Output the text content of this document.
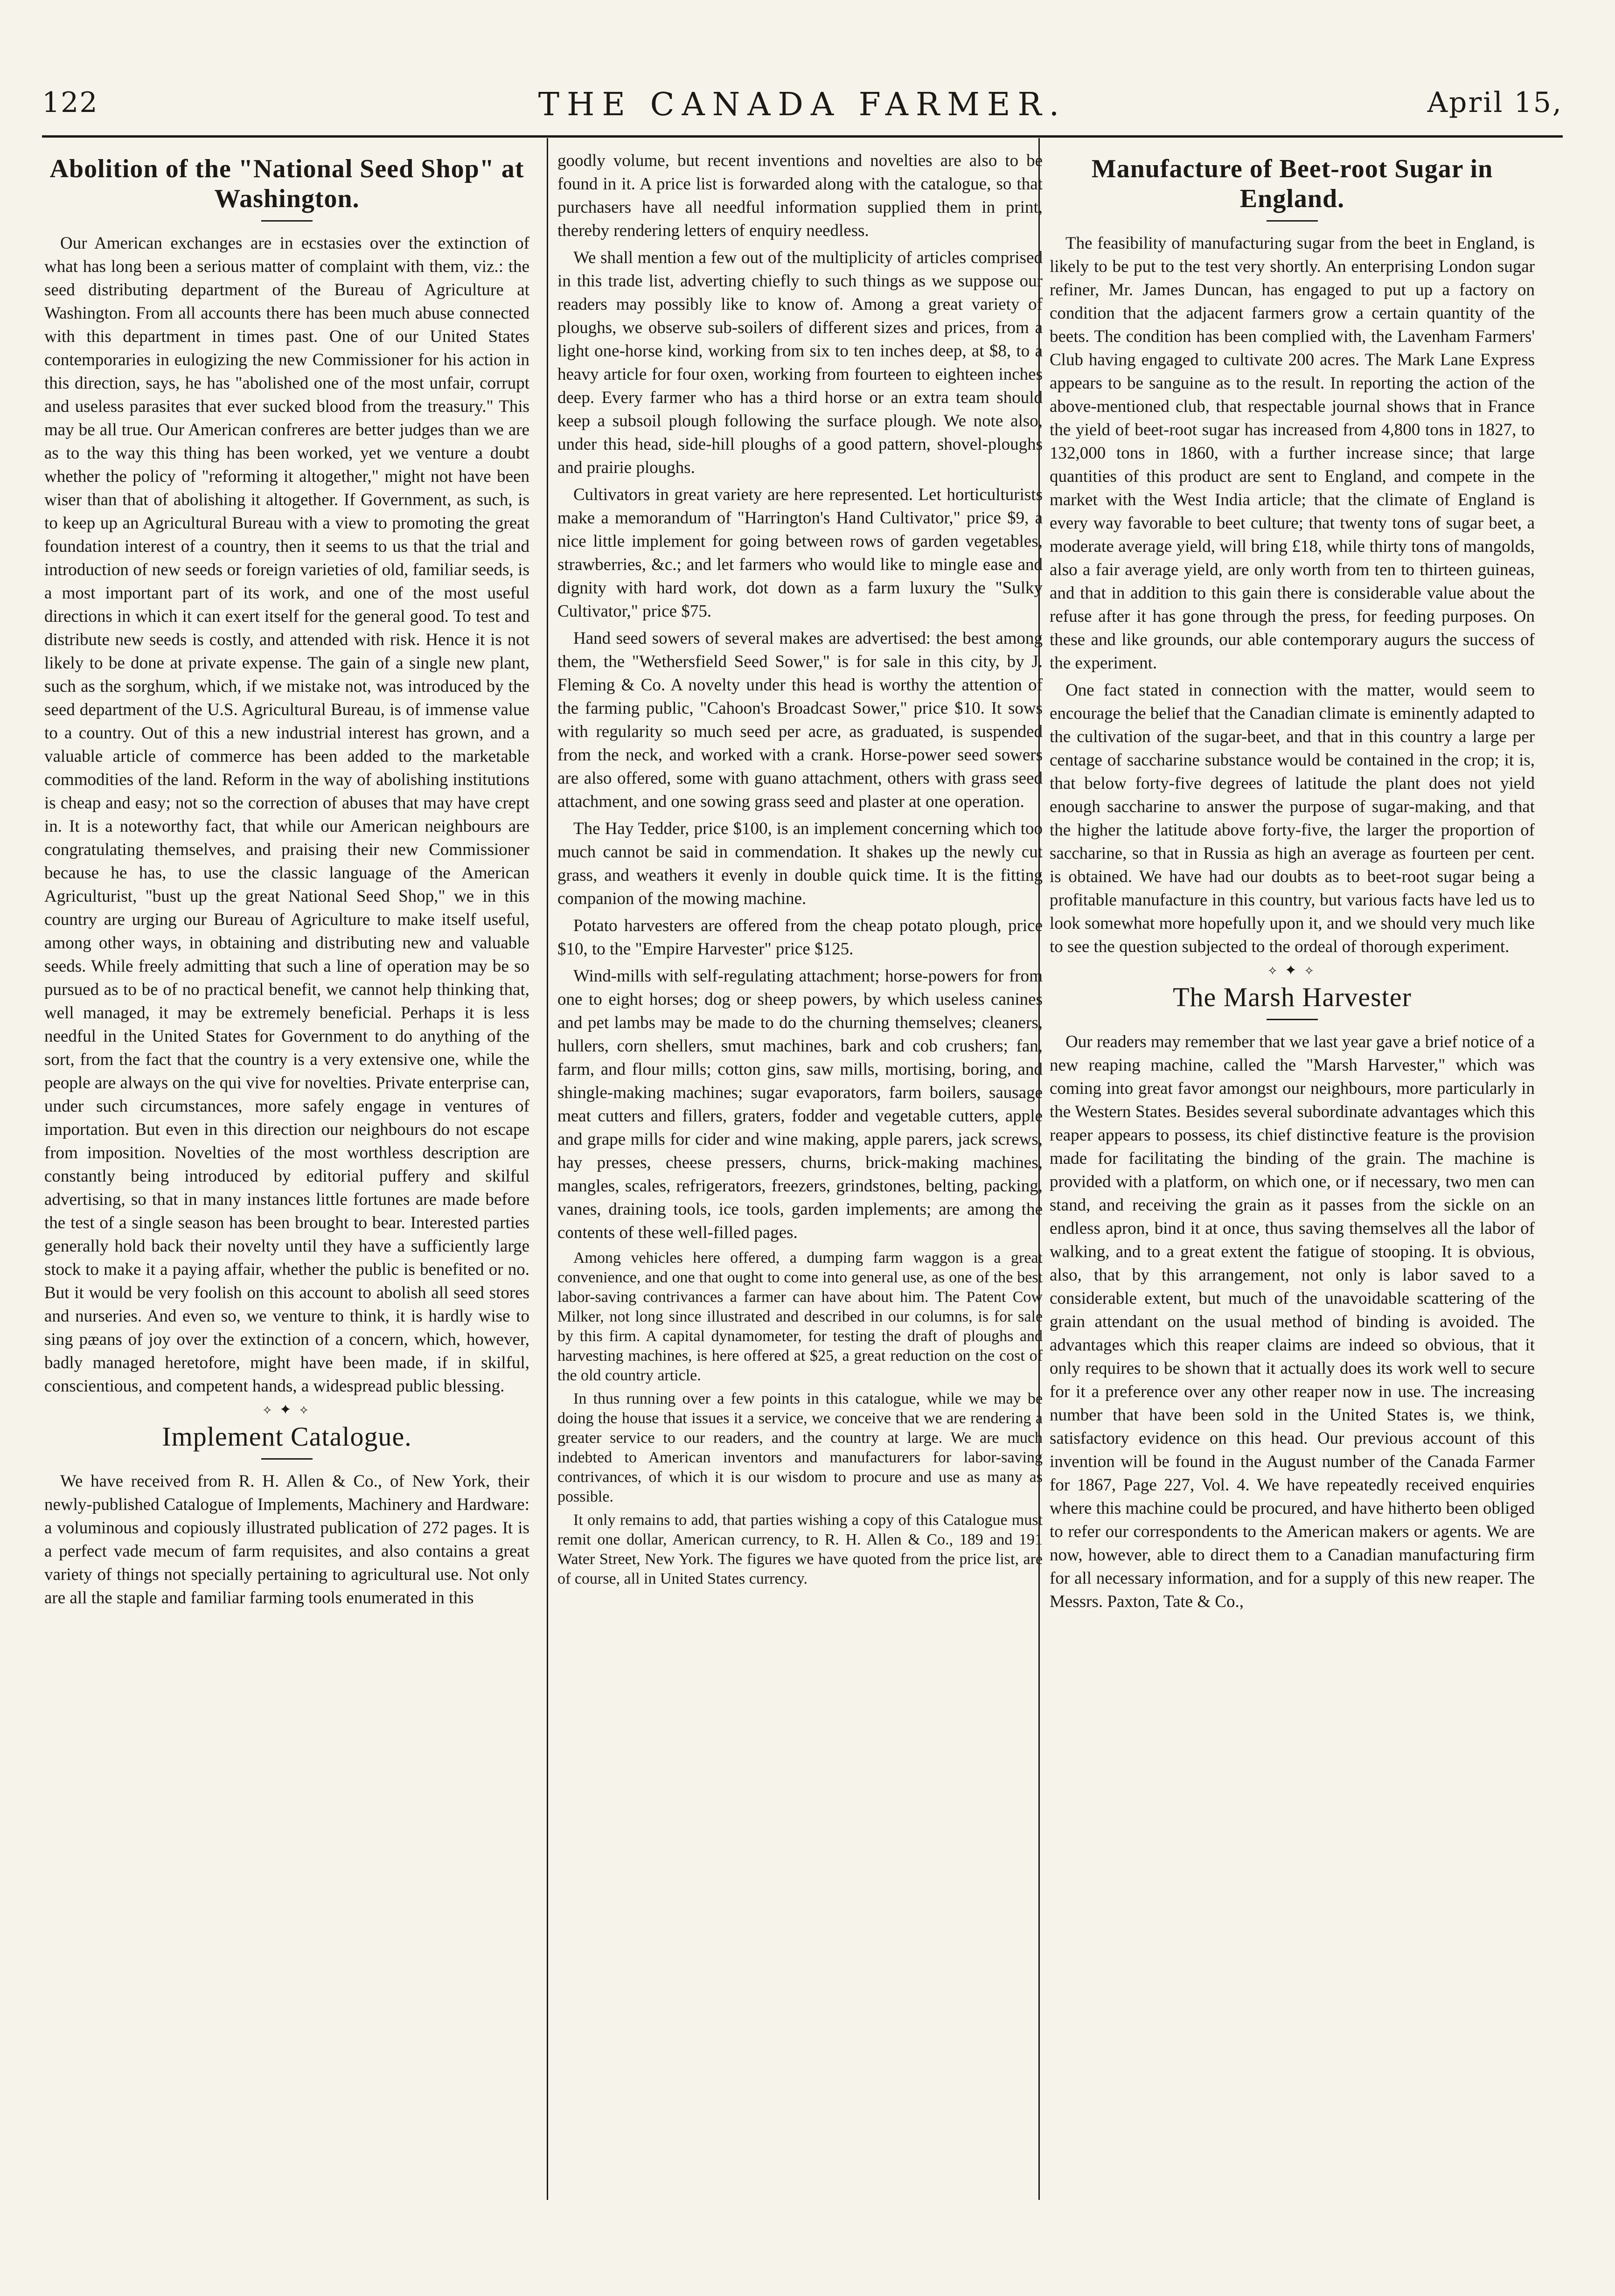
122	THE CANADA FARMER.	April 15,
Abolition of the "National Seed Shop" at Washington.

Our American exchanges are in ecstasies over the extinction of what has long been a serious matter of complaint with them, viz.: the seed distributing department of the Bureau of Agriculture at Washington. From all accounts there has been much abuse connected with this department in times past. One of our United States contemporaries in eulogizing the new Commissioner for his action in this direction, says, he has "abolished one of the most unfair, corrupt and useless parasites that ever sucked blood from the treasury." This may be all true. Our American confreres are better judges than we are as to the way this thing has been worked, yet we venture a doubt whether the policy of "reforming it altogether," might not have been wiser than that of abolishing it altogether. If Government, as such, is to keep up an Agricultural Bureau with a view to promoting the great foundation interest of a country, then it seems to us that the trial and introduction of new seeds or foreign varieties of old, familiar seeds, is a most important part of its work, and one of the most useful directions in which it can exert itself for the general good. To test and distribute new seeds is costly, and attended with risk. Hence it is not likely to be done at private expense. The gain of a single new plant, such as the sorghum, which, if we mistake not, was introduced by the seed department of the U.S. Agricultural Bureau, is of immense value to a country. Out of this a new industrial interest has grown, and a valuable article of commerce has been added to the marketable commodities of the land. Reform in the way of abolishing institutions is cheap and easy; not so the correction of abuses that may have crept in. It is a noteworthy fact, that while our American neighbours are congratulating themselves, and praising their new Commissioner because he has, to use the classic language of the American Agriculturist, "bust up the great National Seed Shop," we in this country are urging our Bureau of Agriculture to make itself useful, among other ways, in obtaining and distributing new and valuable seeds. While freely admitting that such a line of operation may be so pursued as to be of no practical benefit, we cannot help thinking that, well managed, it may be extremely beneficial. Perhaps it is less needful in the United States for Government to do anything of the sort, from the fact that the country is a very extensive one, while the people are always on the qui vive for novelties. Private enterprise can, under such circumstances, more safely engage in ventures of importation. But even in this direction our neighbours do not escape from imposition. Novelties of the most worthless description are constantly being introduced by editorial puffery and skilful advertising, so that in many instances little fortunes are made before the test of a single season has been brought to bear. Interested parties generally hold back their novelty until they have a sufficiently large stock to make it a paying affair, whether the public is benefited or no. But it would be very foolish on this account to abolish all seed stores and nurseries. And even so, we venture to think, it is hardly wise to sing pæans of joy over the extinction of a concern, which, however, badly managed heretofore, might have been made, if in skilful, conscientious, and competent hands, a widespread public blessing.

⟡ ✦ ⟡
Implement Catalogue.

We have received from R. H. Allen & Co., of New York, their newly-published Catalogue of Implements, Machinery and Hardware: a voluminous and copiously illustrated publication of 272 pages. It is a perfect vade mecum of farm requisites, and also contains a great variety of things not specially pertaining to agricultural use. Not only are all the staple and familiar farming tools enumerated in this

goodly volume, but recent inventions and novelties are also to be found in it. A price list is forwarded along with the catalogue, so that purchasers have all needful information supplied them in print, thereby rendering letters of enquiry needless.

We shall mention a few out of the multiplicity of articles comprised in this trade list, adverting chiefly to such things as we suppose our readers may possibly like to know of. Among a great variety of ploughs, we observe sub-soilers of different sizes and prices, from a light one-horse kind, working from six to ten inches deep, at $8, to a heavy article for four oxen, working from fourteen to eighteen inches deep. Every farmer who has a third horse or an extra team should keep a subsoil plough following the surface plough. We note also, under this head, side-hill ploughs of a good pattern, shovel-ploughs and prairie ploughs.

Cultivators in great variety are here represented. Let horticulturists make a memorandum of "Harrington's Hand Cultivator," price $9, a nice little implement for going between rows of garden vegetables, strawberries, &c.; and let farmers who would like to mingle ease and dignity with hard work, dot down as a farm luxury the "Sulky Cultivator," price $75.

Hand seed sowers of several makes are advertised: the best among them, the "Wethersfield Seed Sower," is for sale in this city, by J. Fleming & Co. A novelty under this head is worthy the attention of the farming public, "Cahoon's Broadcast Sower," price $10. It sows with regularity so much seed per acre, as graduated, is suspended from the neck, and worked with a crank. Horse-power seed sowers are also offered, some with guano attachment, others with grass seed attachment, and one sowing grass seed and plaster at one operation.

The Hay Tedder, price $100, is an implement concerning which too much cannot be said in commendation. It shakes up the newly cut grass, and weathers it evenly in double quick time. It is the fitting companion of the mowing machine.

Potato harvesters are offered from the cheap potato plough, price $10, to the "Empire Harvester" price $125.

Wind-mills with self-regulating attachment; horse-powers for from one to eight horses; dog or sheep powers, by which useless canines and pet lambs may be made to do the churning themselves; cleaners, hullers, corn shellers, smut machines, bark and cob crushers; fan, farm, and flour mills; cotton gins, saw mills, mortising, boring, and shingle-making machines; sugar evaporators, farm boilers, sausage meat cutters and fillers, graters, fodder and vegetable cutters, apple and grape mills for cider and wine making, apple parers, jack screws, hay presses, cheese pressers, churns, brick-making machines, mangles, scales, refrigerators, freezers, grindstones, belting, packing, vanes, draining tools, ice tools, garden implements; are among the contents of these well-filled pages.

Among vehicles here offered, a dumping farm waggon is a great convenience, and one that ought to come into general use, as one of the best labor-saving contrivances a farmer can have about him. The Patent Cow Milker, not long since illustrated and described in our columns, is for sale by this firm. A capital dynamometer, for testing the draft of ploughs and harvesting machines, is here offered at $25, a great reduction on the cost of the old country article.

In thus running over a few points in this catalogue, while we may be doing the house that issues it a service, we conceive that we are rendering a greater service to our readers, and the country at large. We are much indebted to American inventors and manufacturers for labor-saving contrivances, of which it is our wisdom to procure and use as many as possible.

It only remains to add, that parties wishing a copy of this Catalogue must remit one dollar, American currency, to R. H. Allen & Co., 189 and 191 Water Street, New York. The figures we have quoted from the price list, are of course, all in United States currency.

Manufacture of Beet-root Sugar in England.

The feasibility of manufacturing sugar from the beet in England, is likely to be put to the test very shortly. An enterprising London sugar refiner, Mr. James Duncan, has engaged to put up a factory on condition that the adjacent farmers grow a certain quantity of the beets. The condition has been complied with, the Lavenham Farmers' Club having engaged to cultivate 200 acres. The Mark Lane Express appears to be sanguine as to the result. In reporting the action of the above-mentioned club, that respectable journal shows that in France the yield of beet-root sugar has increased from 4,800 tons in 1827, to 132,000 tons in 1860, with a further increase since; that large quantities of this product are sent to England, and compete in the market with the West India article; that the climate of England is every way favorable to beet culture; that twenty tons of sugar beet, a moderate average yield, will bring £18, while thirty tons of mangolds, also a fair average yield, are only worth from ten to thirteen guineas, and that in addition to this gain there is considerable value about the refuse after it has gone through the press, for feeding purposes. On these and like grounds, our able contemporary augurs the success of the experiment.

One fact stated in connection with the matter, would seem to encourage the belief that the Canadian climate is eminently adapted to the cultivation of the sugar-beet, and that in this country a large per centage of saccharine substance would be contained in the crop; it is, that below forty-five degrees of latitude the plant does not yield enough saccharine to answer the purpose of sugar-making, and that the higher the latitude above forty-five, the larger the proportion of saccharine, so that in Russia as high an average as fourteen per cent. is obtained. We have had our doubts as to beet-root sugar being a profitable manufacture in this country, but various facts have led us to look somewhat more hopefully upon it, and we should very much like to see the question subjected to the ordeal of thorough experiment.

⟡ ✦ ⟡
The Marsh Harvester

Our readers may remember that we last year gave a brief notice of a new reaping machine, called the "Marsh Harvester," which was coming into great favor amongst our neighbours, more particularly in the Western States. Besides several subordinate advantages which this reaper appears to possess, its chief distinctive feature is the provision made for facilitating the binding of the grain. The machine is provided with a platform, on which one, or if necessary, two men can stand, and receiving the grain as it passes from the sickle on an endless apron, bind it at once, thus saving themselves all the labor of walking, and to a great extent the fatigue of stooping. It is obvious, also, that by this arrangement, not only is labor saved to a considerable extent, but much of the unavoidable scattering of the grain attendant on the usual method of binding is avoided. The advantages which this reaper claims are indeed so obvious, that it only requires to be shown that it actually does its work well to secure for it a preference over any other reaper now in use. The increasing number that have been sold in the United States is, we think, satisfactory evidence on this head. Our previous account of this invention will be found in the August number of the Canada Farmer for 1867, Page 227, Vol. 4. We have repeatedly received enquiries where this machine could be procured, and have hitherto been obliged to refer our correspondents to the American makers or agents. We are now, however, able to direct them to a Canadian manufacturing firm for all necessary information, and for a supply of this new reaper. The Messrs. Paxton, Tate & Co.,
